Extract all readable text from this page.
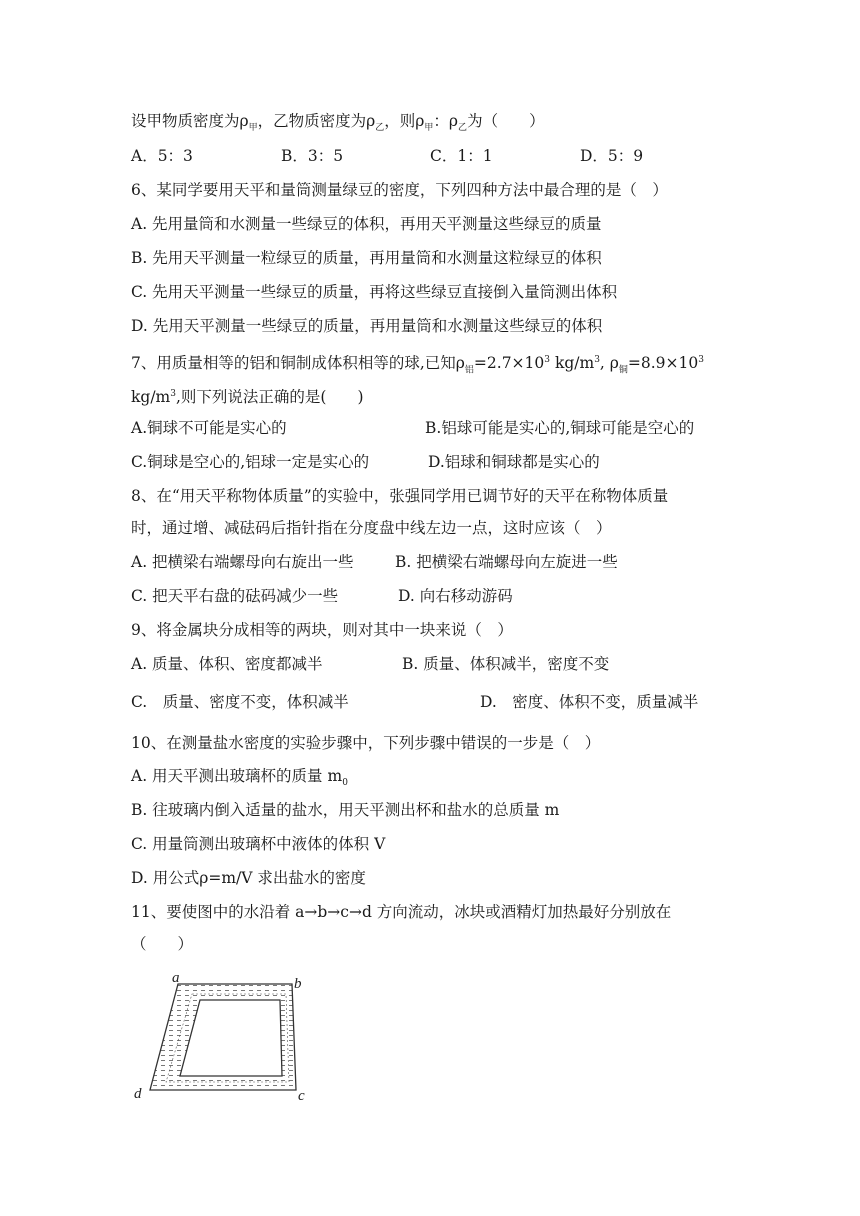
设甲物质密度为$\rho_甲$，乙物质密度为$\rho_乙$，则$\rho_甲$：$\rho_乙$为（　　）
A．5：3	B．3：5	C．1：1	D．5：9
6、某同学要用天平和量筒测量绿豆的密度，下列四种方法中最合理的是（　）
A. 先用量筒和水测量一些绿豆的体积，再用天平测量这些绿豆的质量
B. 先用天平测量一粒绿豆的质量，再用量筒和水测量这粒绿豆的体积
C. 先用天平测量一些绿豆的质量，再将这些绿豆直接倒入量筒测出体积
D. 先用天平测量一些绿豆的质量，再用量筒和水测量这些绿豆的体积
7、用质量相等的铝和铜制成体积相等的球,已知$\rho_铝=2.7\times 10^3$ $kg/m^3$, $\rho_铜=8.9\times 10^3$
$kg/m^3$,则下列说法正确的是(　　)
A.铜球不可能是实心的	B.铝球可能是实心的,铜球可能是空心的
C.铜球是空心的,铝球一定是实心的	D.铝球和铜球都是实心的
8、在“用天平称物体质量”的实验中，张强同学用已调节好的天平在称物体质量
时，通过增、减砝码后指针指在分度盘中线左边一点，这时应该（　）
A. 把横梁右端螺母向右旋出一些	B. 把横梁右端螺母向左旋进一些
C. 把天平右盘的砝码减少一些	D. 向右移动游码
9、将金属块分成相等的两块，则对其中一块来说（　）
A. 质量、体积、密度都减半	B. 质量、体积减半，密度不变
C.　质量、密度不变，体积减半	D.　密度、体积不变，质量减半
10、在测量盐水密度的实验步骤中，下列步骤中错误的一步是（　）
A. 用天平测出玻璃杯的质量 $m_0$
B. 往玻璃内倒入适量的盐水，用天平测出杯和盐水的总质量 m
C. 用量筒测出玻璃杯中液体的体积 V
D. 用公式ρ=m/V 求出盐水的密度
11、要使图中的水沿着 a→b→c→d 方向流动，冰块或酒精灯加热最好分别放在
（　　）
a	b
c
d
